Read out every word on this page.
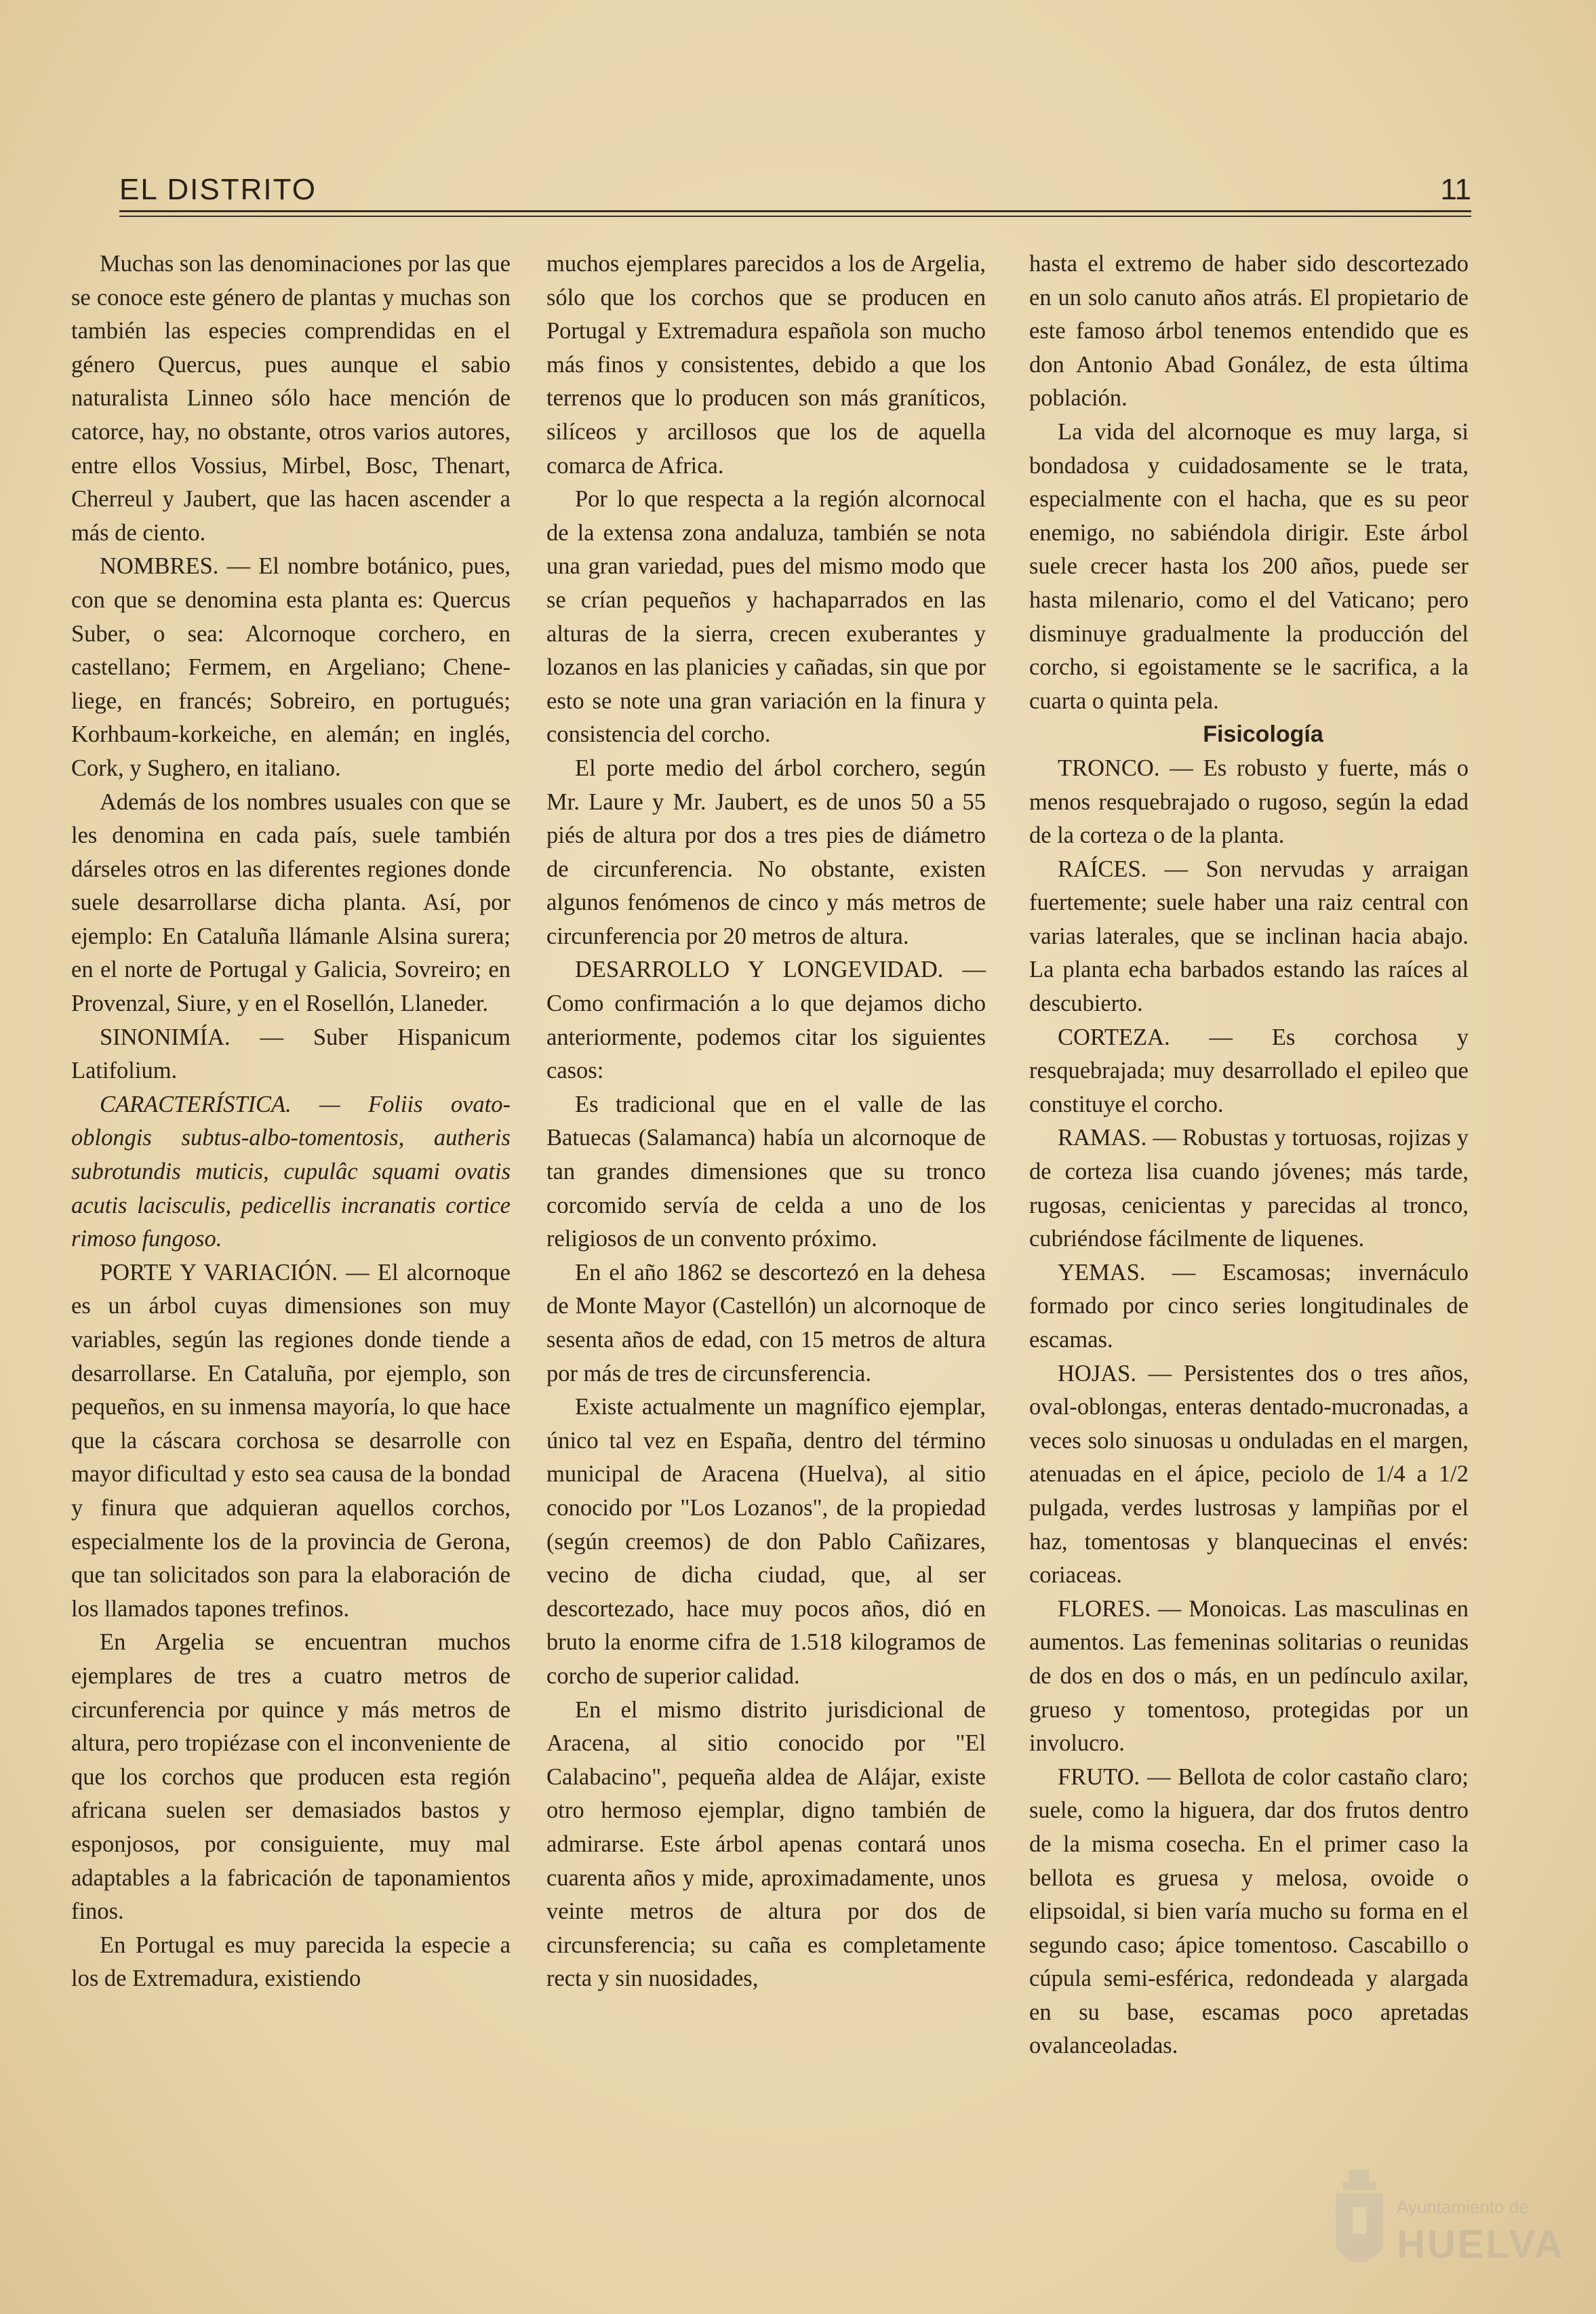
EL DISTRITO	11

Muchas son las denominaciones por las que se conoce este género de plantas y muchas son también las especies comprendidas en el género Quercus, pues aunque el sabio naturalista Linneo sólo hace mención de catorce, hay, no obstante, otros varios autores, entre ellos Vossius, Mirbel, Bosc, Thenart, Cherreul y Jaubert, que las hacen ascender a más de ciento.

NOMBRES. — El nombre botánico, pues, con que se denomina esta planta es: Quercus Suber, o sea: Alcornoque corchero, en castellano; Fermem, en Argeliano; Chene-liege, en francés; Sobreiro, en portugués; Korhbaum-korkeiche, en alemán; en inglés, Cork, y Sughero, en italiano.

Además de los nombres usuales con que se les denomina en cada país, suele también dárseles otros en las diferentes regiones donde suele desarrollarse dicha planta. Así, por ejemplo: En Cataluña llámanle Alsina surera; en el norte de Portugal y Galicia, Sovreiro; en Provenzal, Siure, y en el Rosellón, Llaneder.

SINONIMÍA. — Suber Hispanicum Latifolium.

CARACTERÍSTICA. — Foliis ovato-oblongis subtus-albo-tomentosis, autheris subrotundis muticis, cupulâc squami ovatis acutis lacisculis, pedicellis incranatis cortice rimoso fungoso.

PORTE Y VARIACIÓN. — El alcornoque es un árbol cuyas dimensiones son muy variables, según las regiones donde tiende a desarrollarse. En Cataluña, por ejemplo, son pequeños, en su inmensa mayoría, lo que hace que la cáscara corchosa se desarrolle con mayor dificultad y esto sea causa de la bondad y finura que adquieran aquellos corchos, especialmente los de la provincia de Gerona, que tan solicitados son para la elaboración de los llamados tapones trefinos.

En Argelia se encuentran muchos ejemplares de tres a cuatro metros de circunferencia por quince y más metros de altura, pero tropiézase con el inconveniente de que los corchos que producen esta región africana suelen ser demasiados bastos y esponjosos, por consiguiente, muy mal adaptables a la fabricación de taponamientos finos.

En Portugal es muy parecida la especie a los de Extremadura, existiendo

muchos ejemplares parecidos a los de Argelia, sólo que los corchos que se producen en Portugal y Extremadura española son mucho más finos y consistentes, debido a que los terrenos que lo producen son más graníticos, silíceos y arcillosos que los de aquella comarca de Africa.

Por lo que respecta a la región alcornocal de la extensa zona andaluza, también se nota una gran variedad, pues del mismo modo que se crían pequeños y hachaparrados en las alturas de la sierra, crecen exuberantes y lozanos en las planicies y cañadas, sin que por esto se note una gran variación en la finura y consistencia del corcho.

El porte medio del árbol corchero, según Mr. Laure y Mr. Jaubert, es de unos 50 a 55 piés de altura por dos a tres pies de diámetro de circunferencia. No obstante, existen algunos fenómenos de cinco y más metros de circunferencia por 20 metros de altura.

DESARROLLO Y LONGEVIDAD. — Como confirmación a lo que dejamos dicho anteriormente, podemos citar los siguientes casos:

Es tradicional que en el valle de las Batuecas (Salamanca) había un alcornoque de tan grandes dimensiones que su tronco corcomido servía de celda a uno de los religiosos de un convento próximo.

En el año 1862 se descortezó en la dehesa de Monte Mayor (Castellón) un alcornoque de sesenta años de edad, con 15 metros de altura por más de tres de circunsferencia.

Existe actualmente un magnífico ejemplar, único tal vez en España, dentro del término municipal de Aracena (Huelva), al sitio conocido por "Los Lozanos", de la propiedad (según creemos) de don Pablo Cañizares, vecino de dicha ciudad, que, al ser descortezado, hace muy pocos años, dió en bruto la enorme cifra de 1.518 kilogramos de corcho de superior calidad.

En el mismo distrito jurisdicional de Aracena, al sitio conocido por "El Calabacino", pequeña aldea de Alájar, existe otro hermoso ejemplar, digno también de admirarse. Este árbol apenas contará unos cuarenta años y mide, aproximadamente, unos veinte metros de altura por dos de circunsferencia; su caña es completamente recta y sin nuosidades,

hasta el extremo de haber sido descortezado en un solo canuto años atrás. El propietario de este famoso árbol tenemos entendido que es don Antonio Abad Gonález, de esta última población.

La vida del alcornoque es muy larga, si bondadosa y cuidadosamente se le trata, especialmente con el hacha, que es su peor enemigo, no sabiéndola dirigir. Este árbol suele crecer hasta los 200 años, puede ser hasta milenario, como el del Vaticano; pero disminuye gradualmente la producción del corcho, si egoistamente se le sacrifica, a la cuarta o quinta pela.

Fisicología

TRONCO. — Es robusto y fuerte, más o menos resquebrajado o rugoso, según la edad de la corteza o de la planta.

RAÍCES. — Son nervudas y arraigan fuertemente; suele haber una raiz central con varias laterales, que se inclinan hacia abajo. La planta echa barbados estando las raíces al descubierto.

CORTEZA. — Es corchosa y resquebrajada; muy desarrollado el epileo que constituye el corcho.

RAMAS. — Robustas y tortuosas, rojizas y de corteza lisa cuando jóvenes; más tarde, rugosas, cenicientas y parecidas al tronco, cubriéndose fácilmente de liquenes.

YEMAS. — Escamosas; invernáculo formado por cinco series longitudinales de escamas.

HOJAS. — Persistentes dos o tres años, oval-oblongas, enteras dentado-mucronadas, a veces solo sinuosas u onduladas en el margen, atenuadas en el ápice, peciolo de 1/4 a 1/2 pulgada, verdes lustrosas y lampiñas por el haz, tomentosas y blanquecinas el envés: coriaceas.

FLORES. — Monoicas. Las masculinas en aumentos. Las femeninas solitarias o reunidas de dos en dos o más, en un pedínculo axilar, grueso y tomentoso, protegidas por un involucro.

FRUTO. — Bellota de color castaño claro; suele, como la higuera, dar dos frutos dentro de la misma cosecha. En el primer caso la bellota es gruesa y melosa, ovoide o elipsoidal, si bien varía mucho su forma en el segundo caso; ápice tomentoso. Cascabillo o cúpula semi-esférica, redondeada y alargada en su base, escamas poco apretadas ovalanceoladas.

Ayuntamiento de
HUELVA
